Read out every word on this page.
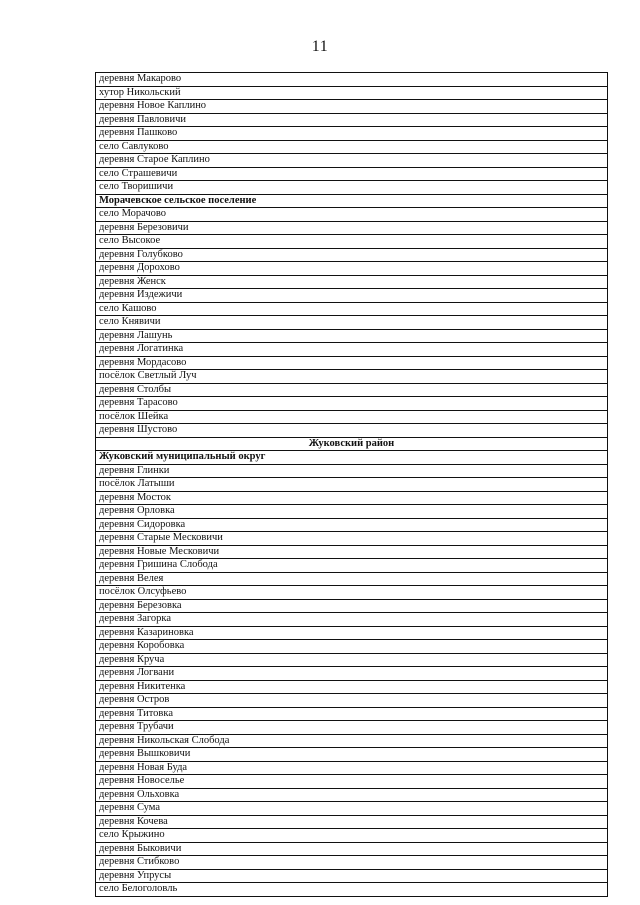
11
деревня Макарово
хутор Никольский
деревня Новое Каплино
деревня Павловичи
деревня Пашково
село Савлуково
деревня Старое Каплино
село Страшевичи
село Творишичи
Морачевское сельское поселение
село Морачово
деревня Березовичи
село Высокое
деревня Голубково
деревня Дорохово
деревня Женск
деревня Издежичи
село Кашово
село Княвичи
деревня Лашунь
деревня Логатинка
деревня Мордасово
посёлок Светлый Луч
деревня Столбы
деревня Тарасово
посёлок Шейка
деревня Шустово
Жуковский район
Жуковский муниципальный округ
деревня Глинки
посёлок Латыши
деревня Мосток
деревня Орловка
деревня Сидоровка
деревня Старые Месковичи
деревня Новые Месковичи
деревня Гришина Слобода
деревня Велея
посёлок Олсуфьево
деревня Березовка
деревня Загорка
деревня Казариновка
деревня Коробовка
деревня Круча
деревня Логвани
деревня Никитенка
деревня Остров
деревня Титовка
деревня Трубачи
деревня Никольская Слобода
деревня Вышковичи
деревня Новая Буда
деревня Новоселье
деревня Ольховка
деревня Сума
деревня Кочева
село Крыжино
деревня Быковичи
деревня Стибково
деревня Упрусы
село Белоголовль
